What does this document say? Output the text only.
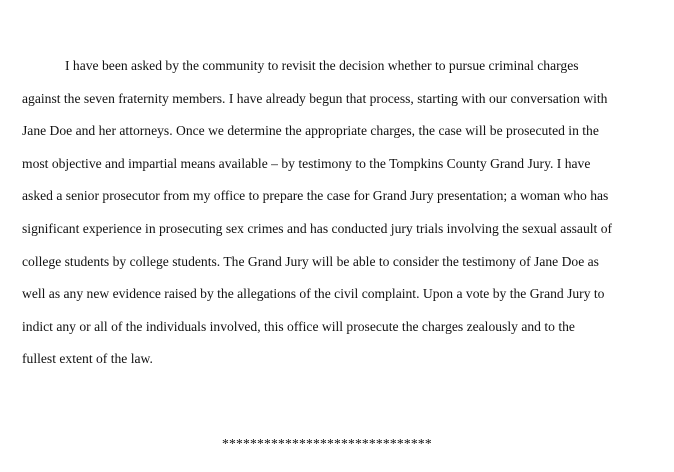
I have been asked by the community to revisit the decision whether to pursue criminal charges
against the seven fraternity members. I have already begun that process, starting with our conversation with
Jane Doe and her attorneys. Once we determine the appropriate charges, the case will be prosecuted in the
most objective and impartial means available – by testimony to the Tompkins County Grand Jury. I have
asked a senior prosecutor from my office to prepare the case for Grand Jury presentation; a woman who has
significant experience in prosecuting sex crimes and has conducted jury trials involving the sexual assault of
college students by college students. The Grand Jury will be able to consider the testimony of Jane Doe as
well as any new evidence raised by the allegations of the civil complaint. Upon a vote by the Grand Jury to
indict any or all of the individuals involved, this office will prosecute the charges zealously and to the
fullest extent of the law.
******************************
